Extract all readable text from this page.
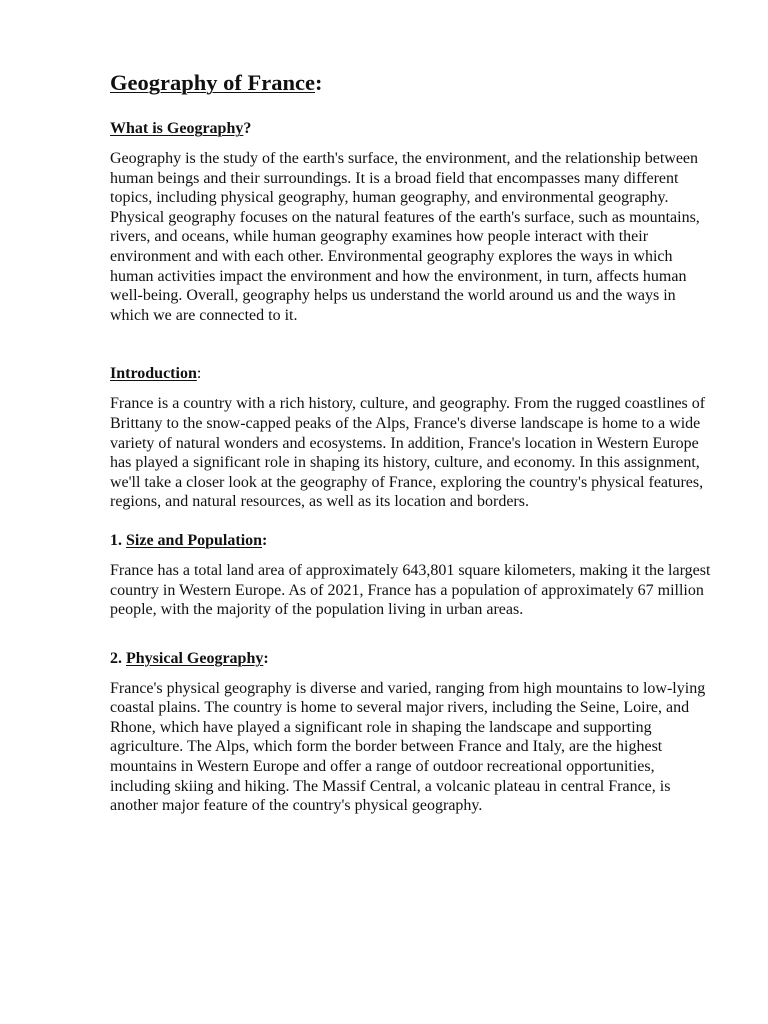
Geography of France:
What is Geography?

Geography is the study of the earth's surface, the environment, and the relationship between human beings and their surroundings. It is a broad field that encompasses many different topics, including physical geography, human geography, and environmental geography. Physical geography focuses on the natural features of the earth's surface, such as mountains, rivers, and oceans, while human geography examines how people interact with their environment and with each other. Environmental geography explores the ways in which human activities impact the environment and how the environment, in turn, affects human well-being. Overall, geography helps us understand the world around us and the ways in which we are connected to it.

Introduction:

France is a country with a rich history, culture, and geography. From the rugged coastlines of Brittany to the snow-capped peaks of the Alps, France's diverse landscape is home to a wide variety of natural wonders and ecosystems. In addition, France's location in Western Europe has played a significant role in shaping its history, culture, and economy. In this assignment, we'll take a closer look at the geography of France, exploring the country's physical features, regions, and natural resources, as well as its location and borders.

1. Size and Population:

France has a total land area of approximately 643,801 square kilometers, making it the largest country in Western Europe. As of 2021, France has a population of approximately 67 million people, with the majority of the population living in urban areas.

2. Physical Geography:

France's physical geography is diverse and varied, ranging from high mountains to low-lying coastal plains. The country is home to several major rivers, including the Seine, Loire, and Rhone, which have played a significant role in shaping the landscape and supporting agriculture. The Alps, which form the border between France and Italy, are the highest mountains in Western Europe and offer a range of outdoor recreational opportunities, including skiing and hiking. The Massif Central, a volcanic plateau in central France, is another major feature of the country's physical geography.
